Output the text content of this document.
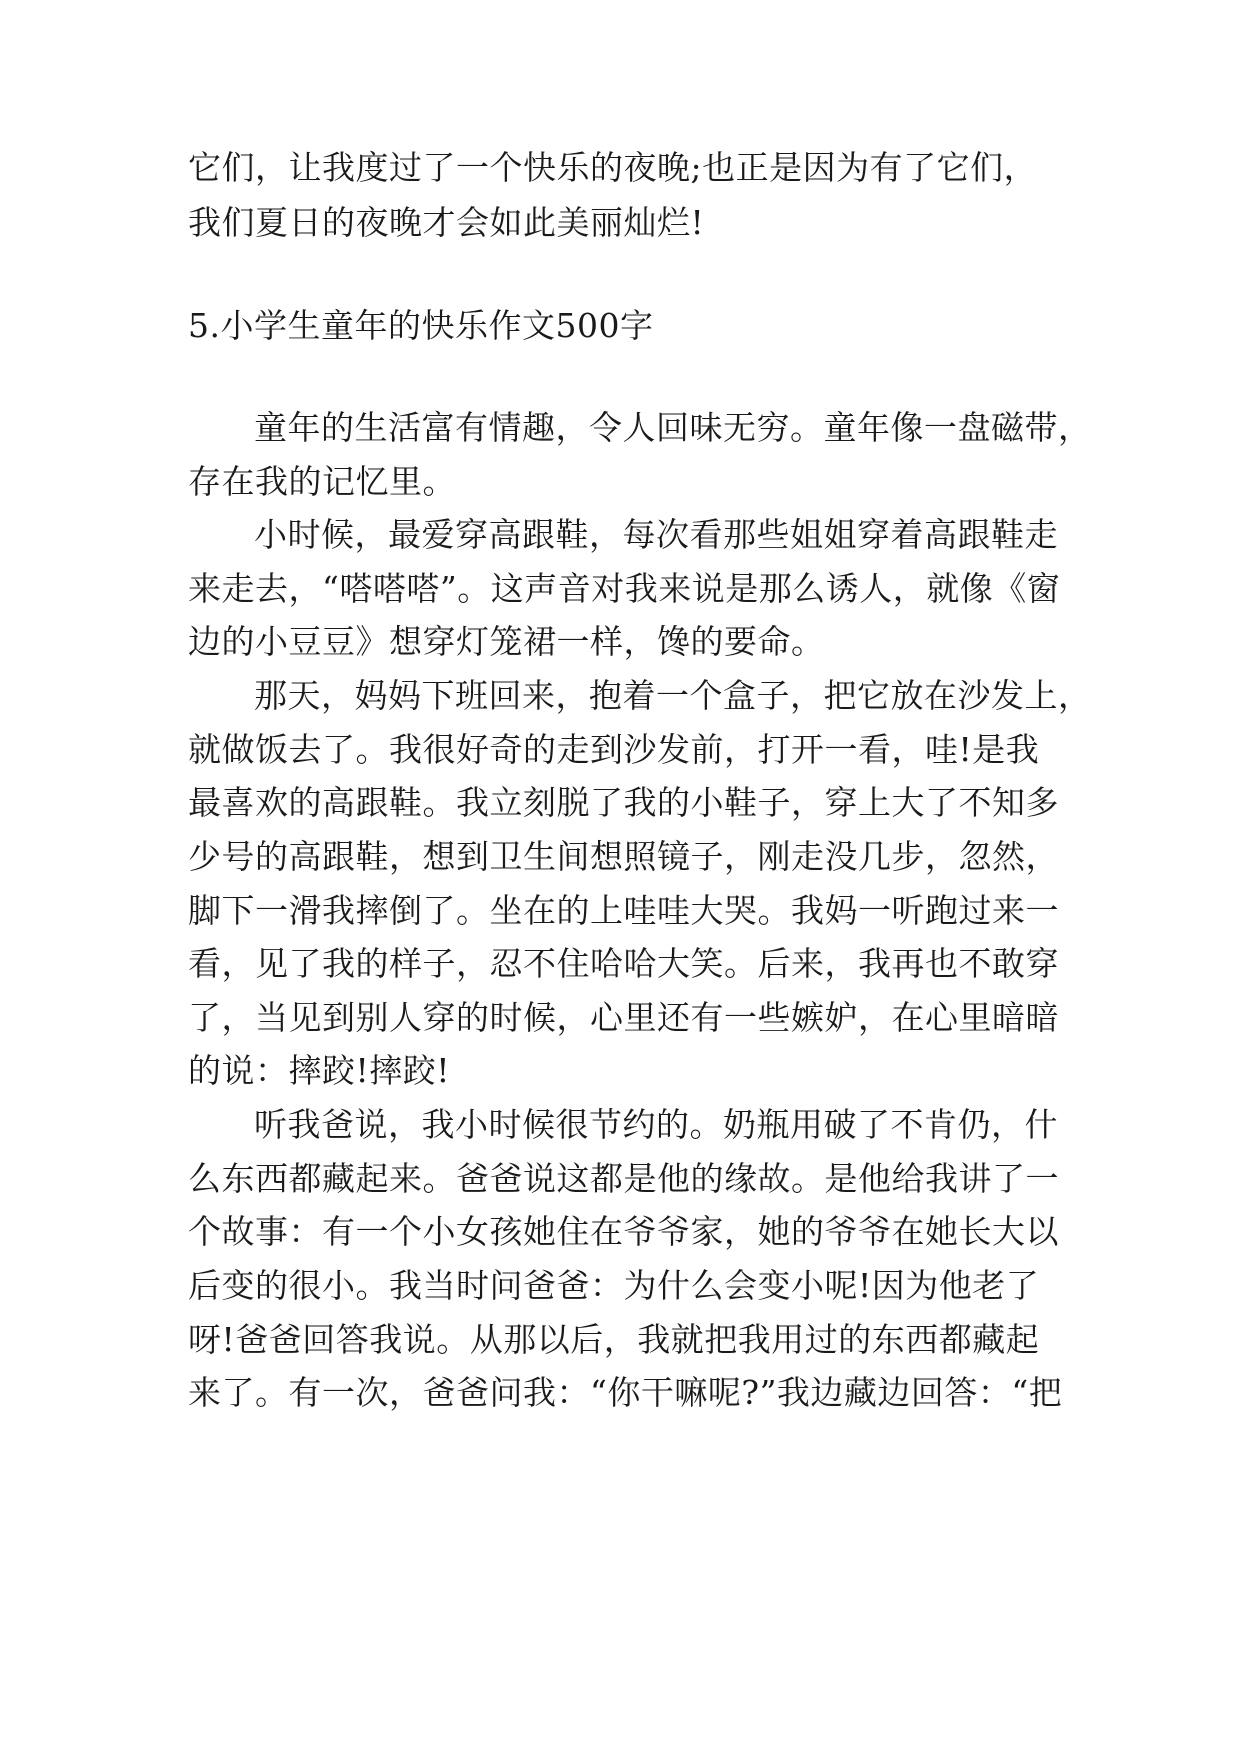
它们，让我度过了一个快乐的夜晚;也正是因为有了它们，
我们夏日的夜晚才会如此美丽灿烂!
5.小学生童年的快乐作文500字
童年的生活富有情趣，令人回味无穷。童年像一盘磁带，
存在我的记忆里。
小时候，最爱穿高跟鞋，每次看那些姐姐穿着高跟鞋走
来走去，“嗒嗒嗒”。这声音对我来说是那么诱人，就像《窗
边的小豆豆》想穿灯笼裙一样，馋的要命。
那天，妈妈下班回来，抱着一个盒子，把它放在沙发上，
就做饭去了。我很好奇的走到沙发前，打开一看，哇!是我
最喜欢的高跟鞋。我立刻脱了我的小鞋子，穿上大了不知多
少号的高跟鞋，想到卫生间想照镜子，刚走没几步，忽然，
脚下一滑我摔倒了。坐在的上哇哇大哭。我妈一听跑过来一
看，见了我的样子，忍不住哈哈大笑。后来，我再也不敢穿
了，当见到别人穿的时候，心里还有一些嫉妒，在心里暗暗
的说：摔跤!摔跤!
听我爸说，我小时候很节约的。奶瓶用破了不肯仍，什
么东西都藏起来。爸爸说这都是他的缘故。是他给我讲了一
个故事：有一个小女孩她住在爷爷家，她的爷爷在她长大以
后变的很小。我当时问爸爸：为什么会变小呢!因为他老了
呀!爸爸回答我说。从那以后，我就把我用过的东西都藏起
来了。有一次，爸爸问我：“你干嘛呢?”我边藏边回答：“把
